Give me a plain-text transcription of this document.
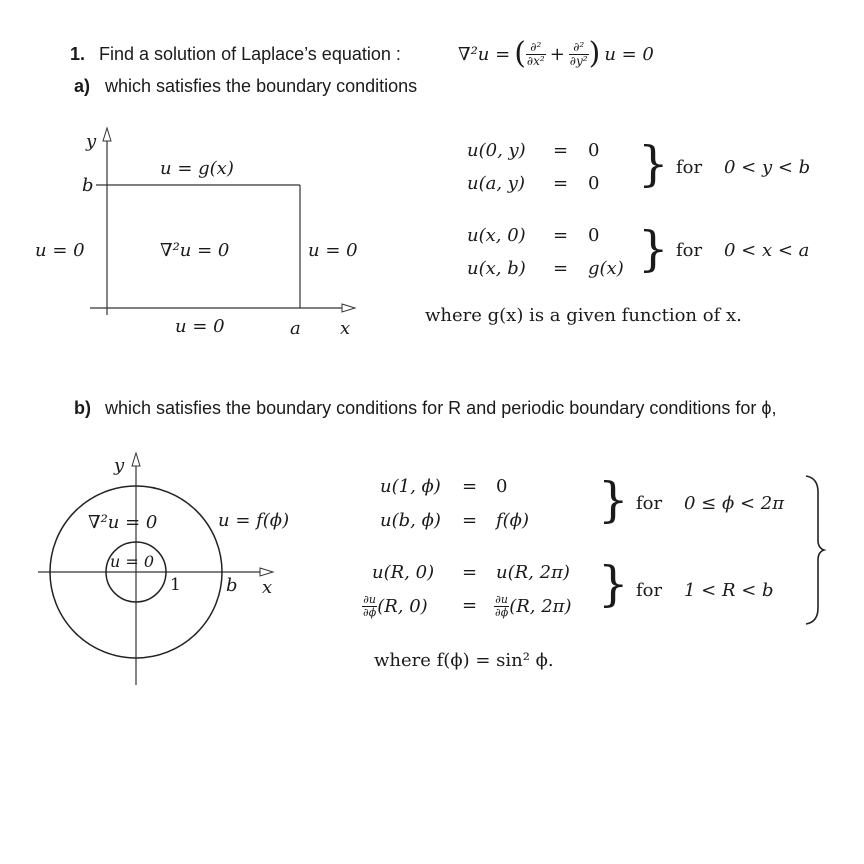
1. Find a solution of Laplace’s equation :	∇²u = ( $\frac{\text{∂²}}{\text{∂x²}} + \frac{\text{∂²}}{\text{∂y²}}$ ) u = 0
a) which satisfies the boundary conditions
y
b
u = g(x)
u = 0	∇²u = 0	u = 0
u = 0	a x
u(0, y) = 0
u(a, y) = 0 } for 0 < y < b
u(x, 0) = 0
u(x, b) = g(x) } for 0 < x < a
where g(x) is a given function of x.
b) which satisfies the boundary conditions for R and periodic boundary conditions for ϕ,
y
∇²u = 0	u = f(ϕ)
u = 0
1	b x
u(1, ϕ) = 0
u(b, ϕ) = f(ϕ) } for 0 ≤ ϕ < 2π
u(R, 0) = u(R, 2π)
$\frac{\partial u}{\partial\phi} (R$, $0) = \frac{\partial u}{\partial\phi} (R$, 2π) } for 1 < R < b
where f(ϕ) = sin² ϕ.
